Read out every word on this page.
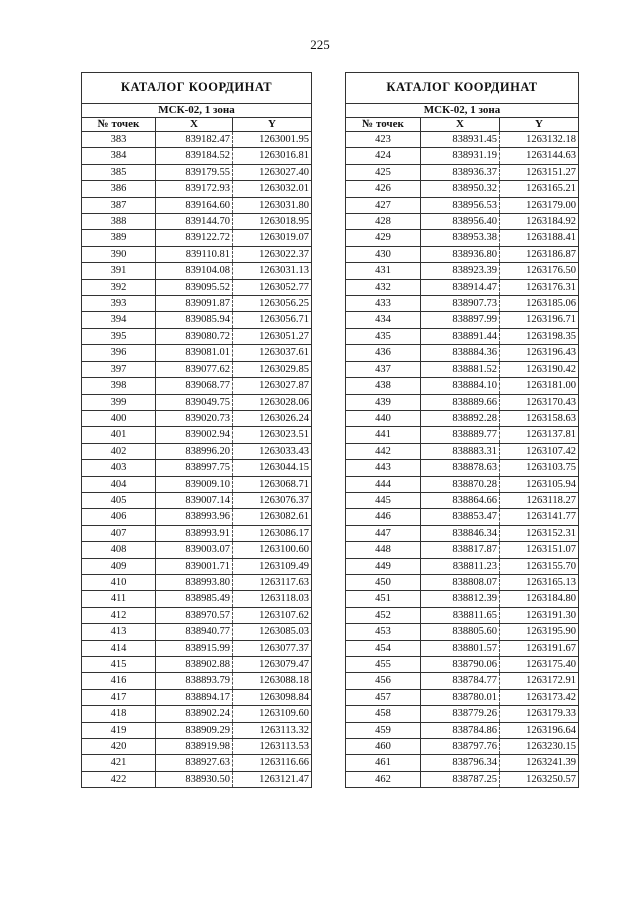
225
КАТАЛОГ КООРДИНАТ		
МСК-02, 1 зона		
№ точек	X	Y
383	839182.47	1263001.95
384	839184.52	1263016.81
385	839179.55	1263027.40
386	839172.93	1263032.01
387	839164.60	1263031.80
388	839144.70	1263018.95
389	839122.72	1263019.07
390	839110.81	1263022.37
391	839104.08	1263031.13
392	839095.52	1263052.77
393	839091.87	1263056.25
394	839085.94	1263056.71
395	839080.72	1263051.27
396	839081.01	1263037.61
397	839077.62	1263029.85
398	839068.77	1263027.87
399	839049.75	1263028.06
400	839020.73	1263026.24
401	839002.94	1263023.51
402	838996.20	1263033.43
403	838997.75	1263044.15
404	839009.10	1263068.71
405	839007.14	1263076.37
406	838993.96	1263082.61
407	838993.91	1263086.17
408	839003.07	1263100.60
409	839001.71	1263109.49
410	838993.80	1263117.63
411	838985.49	1263118.03
412	838970.57	1263107.62
413	838940.77	1263085.03
414	838915.99	1263077.37
415	838902.88	1263079.47
416	838893.79	1263088.18
417	838894.17	1263098.84
418	838902.24	1263109.60
419	838909.29	1263113.32
420	838919.98	1263113.53
421	838927.63	1263116.66
422	838930.50	1263121.47
КАТАЛОГ КООРДИНАТ		
МСК-02, 1 зона		
№ точек	X	Y
423	838931.45	1263132.18
424	838931.19	1263144.63
425	838936.37	1263151.27
426	838950.32	1263165.21
427	838956.53	1263179.00
428	838956.40	1263184.92
429	838953.38	1263188.41
430	838936.80	1263186.87
431	838923.39	1263176.50
432	838914.47	1263176.31
433	838907.73	1263185.06
434	838897.99	1263196.71
435	838891.44	1263198.35
436	838884.36	1263196.43
437	838881.52	1263190.42
438	838884.10	1263181.00
439	838889.66	1263170.43
440	838892.28	1263158.63
441	838889.77	1263137.81
442	838883.31	1263107.42
443	838878.63	1263103.75
444	838870.28	1263105.94
445	838864.66	1263118.27
446	838853.47	1263141.77
447	838846.34	1263152.31
448	838817.87	1263151.07
449	838811.23	1263155.70
450	838808.07	1263165.13
451	838812.39	1263184.80
452	838811.65	1263191.30
453	838805.60	1263195.90
454	838801.57	1263191.67
455	838790.06	1263175.40
456	838784.77	1263172.91
457	838780.01	1263173.42
458	838779.26	1263179.33
459	838784.86	1263196.64
460	838797.76	1263230.15
461	838796.34	1263241.39
462	838787.25	1263250.57
